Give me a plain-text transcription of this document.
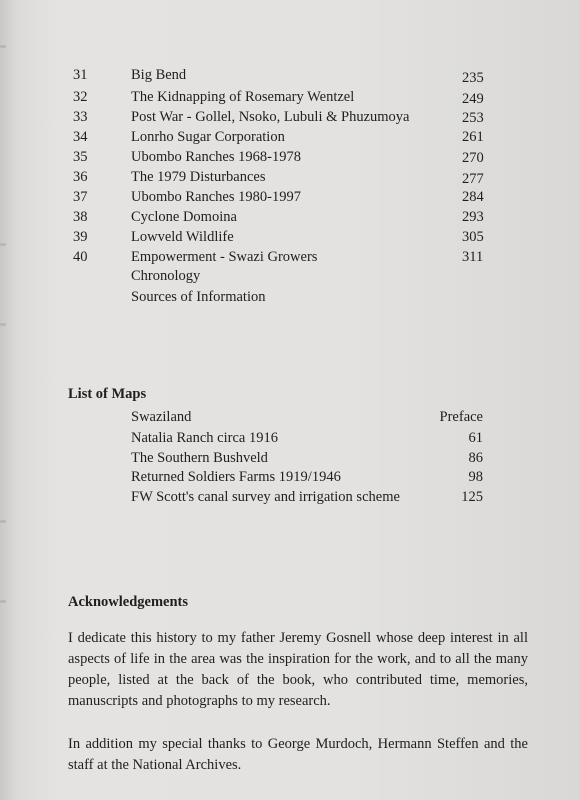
31	Big Bend	235
32	The Kidnapping of Rosemary Wentzel	249
33	Post War - Gollel, Nsoko, Lubuli & Phuzumoya	253
34	Lonrho Sugar Corporation	261
35	Ubombo Ranches 1968-1978	270
36	The 1979 Disturbances	277
37	Ubombo Ranches 1980-1997	284
38	Cyclone Domoina	293
39	Lowveld Wildlife	305
40	Empowerment - Swazi Growers	311
Chronology
Sources of Information
List of Maps
Swaziland	Preface
Natalia Ranch circa 1916	61
The Southern Bushveld	86
Returned Soldiers Farms 1919/1946	98
FW Scott's canal survey and irrigation scheme	125
Acknowledgements

I dedicate this history to my father Jeremy Gosnell whose deep interest in all aspects of life in the area was the inspiration for the work, and to all the many people, listed at the back of the book, who contributed time, memories, manuscripts and photographs to my research.

In addition my special thanks to George Murdoch, Hermann Steffen and the staff at the National Archives.
